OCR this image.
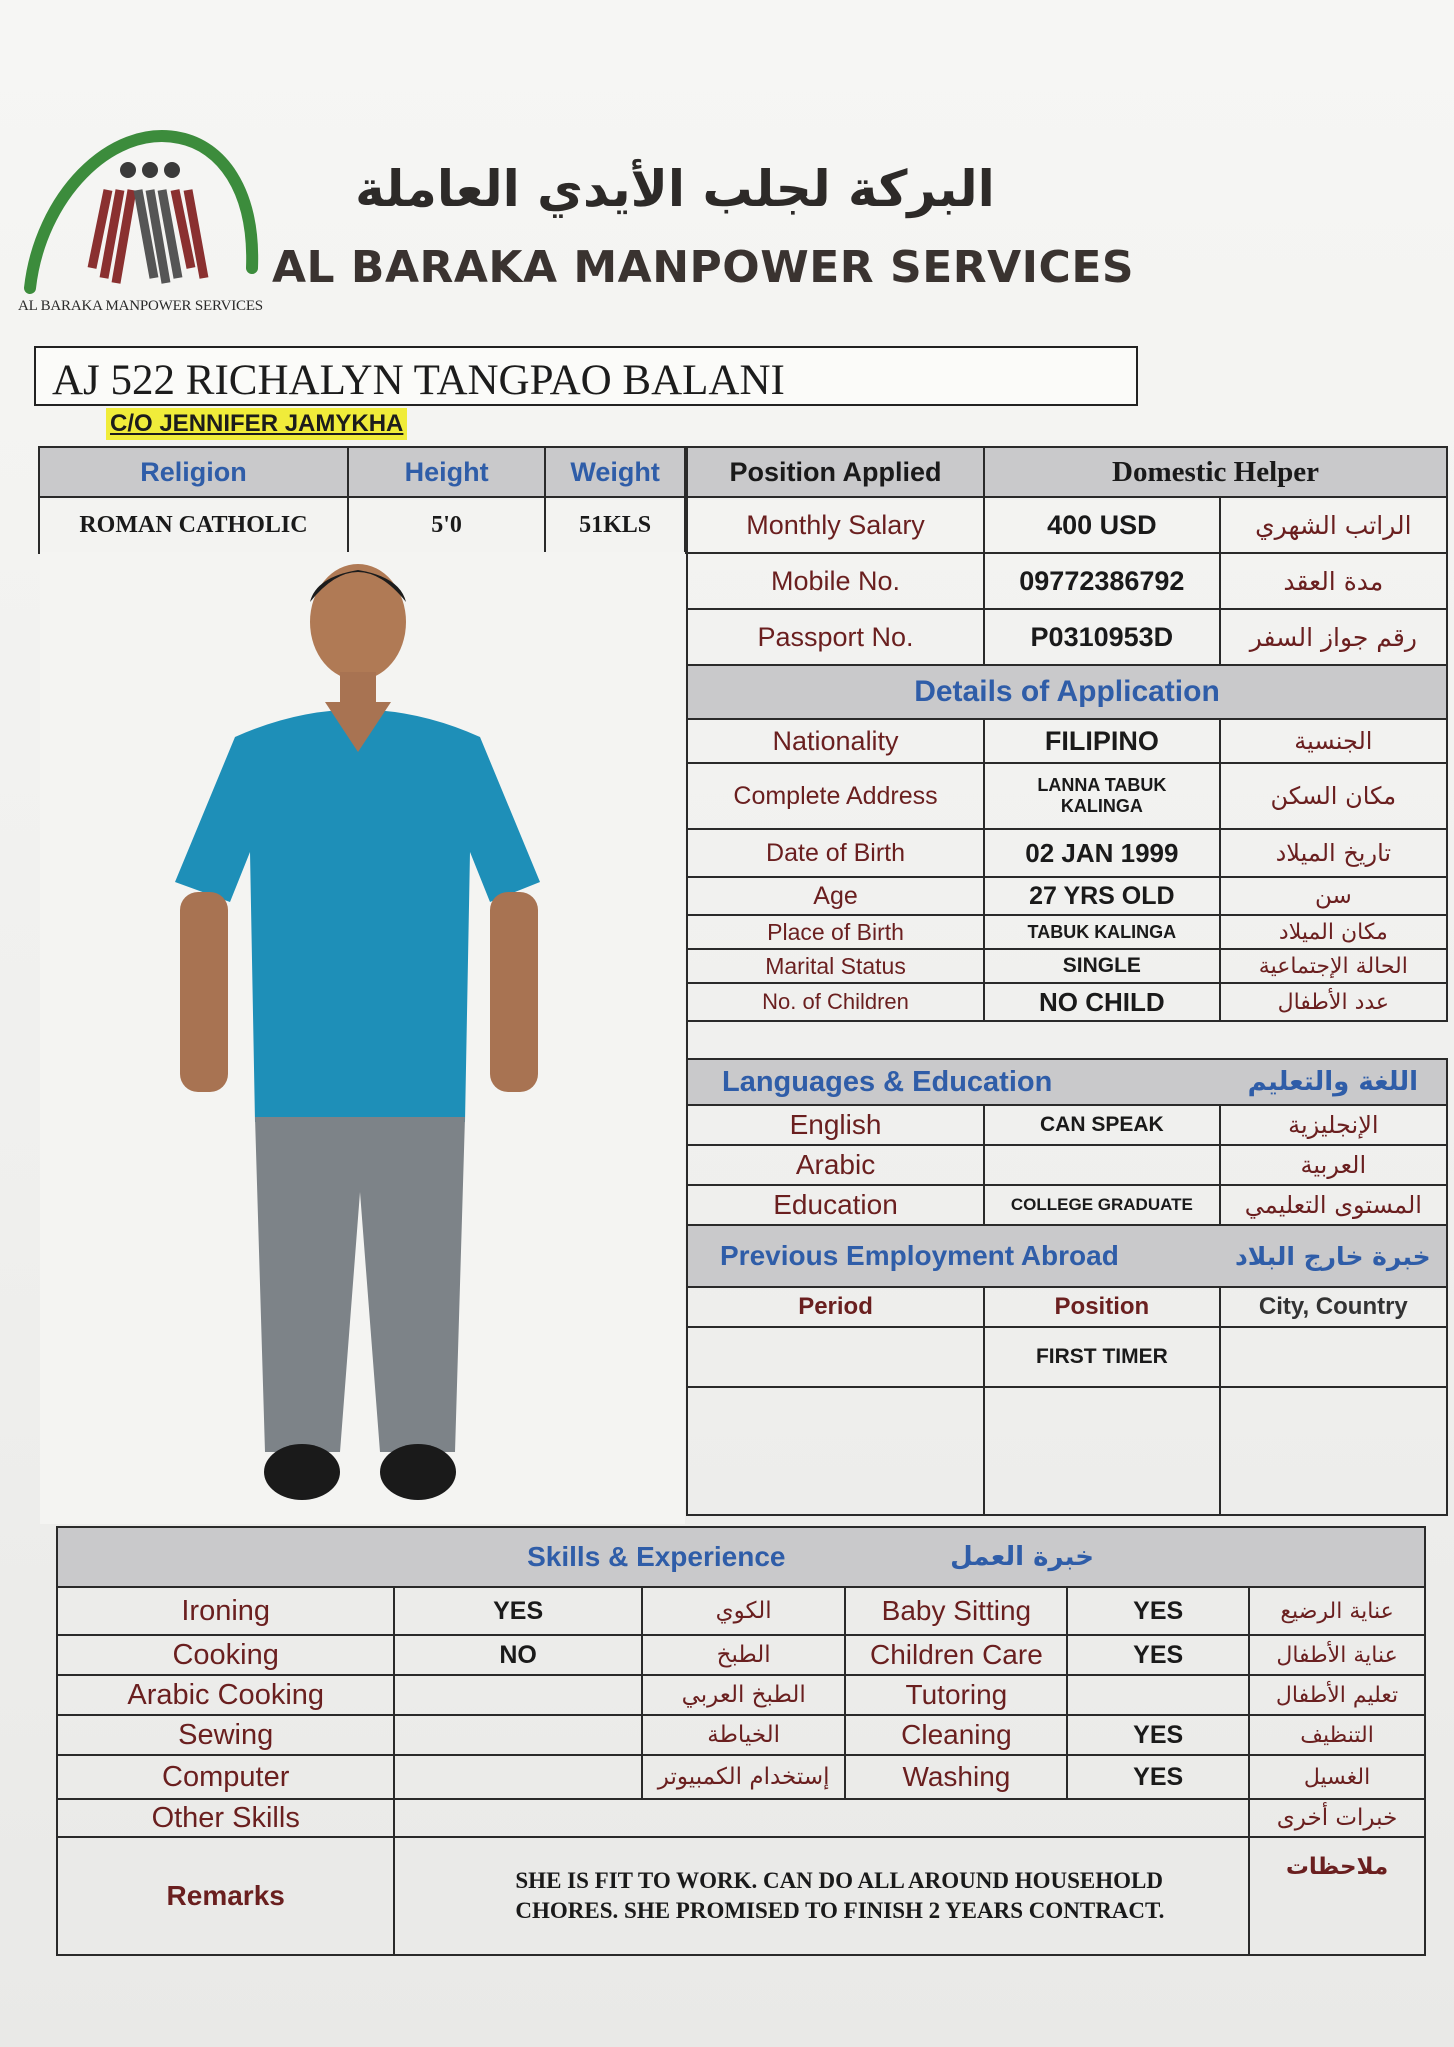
AL BARAKA MANPOWER SERVICES
البركة لجلب الأيدي العاملة
AL BARAKA MANPOWER SERVICES
AJ 522 RICHALYN TANGPAO BALANI
C/O JENNIFER JAMYKHA
Religion	Height	Weight
ROMAN CATHOLIC	5'0	51KLS
Position Applied	Domestic Helper	
Monthly Salary	400 USD	الراتب الشهري
Mobile No.	09772386792	مدة العقد
Passport No.	P0310953D	رقم جواز السفر
Details of Application		
Nationality	FILIPINO	الجنسية
Complete Address	LANNA TABUK KALINGA	مكان السكن
Date of Birth	02 JAN 1999	تاريخ الميلاد
Age	27 YRS OLD	سن
Place of Birth	TABUK KALINGA	مكان الميلاد
Marital Status	SINGLE	الحالة الإجتماعية
No. of Children	NO CHILD	عدد الأطفال

Languages & Education		اللغة والتعليم
English	CAN SPEAK	الإنجليزية
Arabic		العربية
Education	COLLEGE GRADUATE	المستوى التعليمي
Previous Employment Abroad		خبرة خارج البلاد
Period	Position	City, Country
	FIRST TIMER	

Skills & Experience			خبرة العمل		
Ironing	YES	الكوي	Baby Sitting	YES	عناية الرضيع
Cooking	NO	الطبخ	Children Care	YES	عناية الأطفال
Arabic Cooking		الطبخ العربي	Tutoring		تعليم الأطفال
Sewing		الخياطة	Cleaning	YES	التنظيف
Computer		إستخدام الكمبيوتر	Washing	YES	الغسيل
Other Skills					خبرات أخرى
Remarks	SHE IS FIT TO WORK. CAN DO ALL AROUND HOUSEHOLD CHORES. SHE PROMISED TO FINISH 2 YEARS CONTRACT.				ملاحظات
